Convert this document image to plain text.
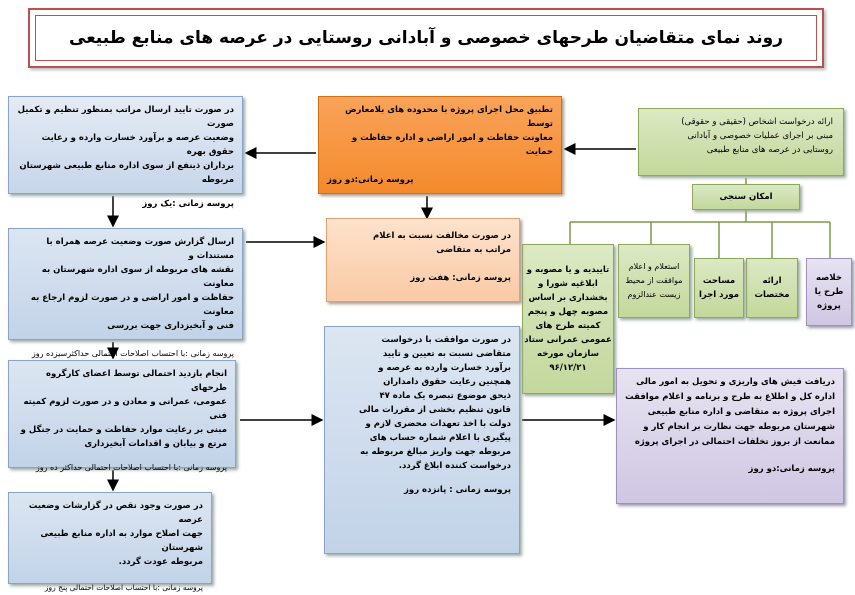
روند نمای متقاضیان طرحهای خصوصی و آبادانی روستایی در عرصه های منابع طبیعی
ارائه درخواست اشخاص (حقیقی و حقوقی)
مبنی بر اجرای عملیات خصوصی و آبادانی
روستایی در عرصه های منابع طبیعی
تطبیق محل اجرای پروژه با محدوده های بلامعارض توسط
معاونت حفاظت و امور اراضی و اداره حفاظت و حمایت
پروسه زمانی:دو روز
در صورت تایید ارسال مراتب بمنظور تنظیم و تکمیل صورت
وضعیت عرصه و برآورد خسارت وارده و رعایت حقوق بهره
برداران ذینفع از سوی اداره منابع طبیعی شهرستان مربوطه
پروسه زمانی :یک روز
امکان سنجی
خلاصه
طرح یا
پروژه
ارائه
مختصات
مساحت
مورد اجرا
استعلام و اعلام
موافقت از محیط
زیست عندالزوم
تاییدیه و یا مصوبه و
ابلاغیه شورا و
بخشداری بر اساس
مصوبه چهل و پنجم
کمیته طرح های
عمومی عمرانی ستاد
سازمان مورخه
۹۶/۱۲/۲۱
در صورت مخالفت نسبت به اعلام
مراتب به متقاضی
پروسه زمانی: هفت روز
ارسال گزارش صورت وضعیت عرصه همراه با مستندات و
نقشه های مربوطه از سوی اداره شهرستان به معاونت
حفاظت و امور اراضی و در صورت لزوم ارجاع به معاونت
فنی و آبخیزداری جهت بررسی
پروسه زمانی :با احتساب اصلاحات احتمالی حداکثرسیزده روز
انجام بازدید احتمالی توسط اعضای کارگروه طرحهای
عمومی، عمرانی و معادن و در صورت لزوم کمیته فنی
مبنی بر رعایت موارد حفاظت و حمایت در جنگل و
مرتع و بیابان و اقدامات آبخیزداری
پروسه زمانی :با احتساب اصلاحات احتمالی حداکثر ده روز
در صورت وجود نقص در گزارشات وضعیت عرصه
جهت اصلاح موارد به اداره منابع طبیعی شهرستان
مربوطه عودت گردد.
پروسه زمانی :با احتساب اصلاحات احتمالی پنج روز
در صورت موافقت با درخواست
متقاضی نسبت به تعیین و تایید
برآورد خسارت وارده به عرصه و
همچنین رعایت حقوق دامداران
ذیحق موضوع تبصره یک ماده ۴۷
قانون تنظیم بخشی از مقررات مالی
دولت با اخذ تعهدات محضری لازم و
پیگیری با اعلام شماره حساب های
مربوطه جهت واریز مبالغ مربوطه به
درخواست کننده ابلاغ گردد.
پروسه زمانی : پانزده روز
دریافت فیش های واریزی و تحویل به امور مالی
اداره کل و اطلاع به طرح و برنامه و اعلام موافقت
اجرای پروژه به متقاضی و اداره منابع طبیعی
شهرستان مربوطه جهت نظارت بر انجام کار و
ممانعت از بروز تخلفات احتمالی در اجرای پروژه
پروسه زمانی:دو روز
